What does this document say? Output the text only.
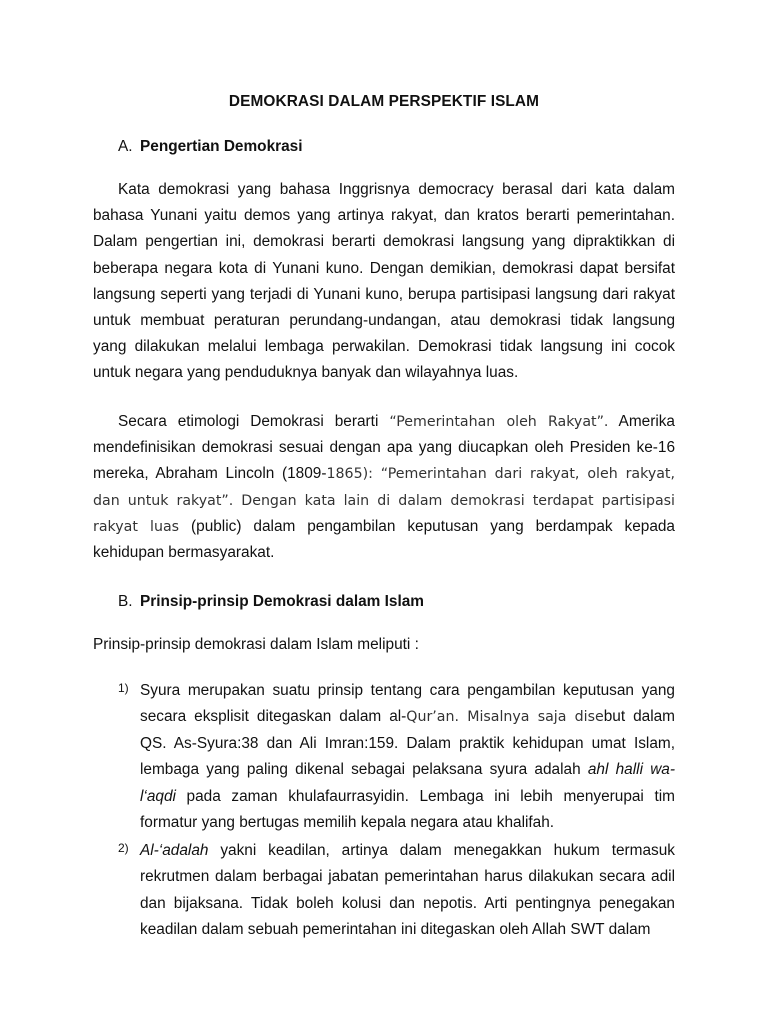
DEMOKRASI DALAM PERSPEKTIF ISLAM
A. Pengertian Demokrasi

Kata demokrasi yang bahasa Inggrisnya democracy berasal dari kata dalam bahasa Yunani yaitu demos yang artinya rakyat, dan kratos berarti pemerintahan. Dalam pengertian ini, demokrasi berarti demokrasi langsung yang dipraktikkan di beberapa negara kota di Yunani kuno. Dengan demikian, demokrasi dapat bersifat langsung seperti yang terjadi di Yunani kuno, berupa partisipasi langsung dari rakyat untuk membuat peraturan perundang-undangan, atau demokrasi tidak langsung yang dilakukan melalui lembaga perwakilan. Demokrasi tidak langsung ini cocok untuk negara yang penduduknya banyak dan wilayahnya luas.

Secara etimologi Demokrasi berarti “Pemerintahan oleh Rakyat”. Amerika mendefinisikan demokrasi sesuai dengan apa yang diucapkan oleh Presiden ke-16 mereka, Abraham Lincoln (1809-1865): “Pemerintahan dari rakyat, oleh rakyat, dan untuk rakyat”. Dengan kata lain di dalam demokrasi terdapat partisipasi rakyat luas (public) dalam pengambilan keputusan yang berdampak kepada kehidupan bermasyarakat.

B. Prinsip-prinsip Demokrasi dalam Islam

Prinsip-prinsip demokrasi dalam Islam meliputi :

1) Syura merupakan suatu prinsip tentang cara pengambilan keputusan yang secara eksplisit ditegaskan dalam al-Qur’an. Misalnya saja disebut dalam QS. As-Syura:38 dan Ali Imran:159. Dalam praktik kehidupan umat Islam, lembaga yang paling dikenal sebagai pelaksana syura adalah ahl halli wa-l‘aqdi pada zaman khulafaurrasyidin. Lembaga ini lebih menyerupai tim formatur yang bertugas memilih kepala negara atau khalifah.
2) Al-‘adalah yakni keadilan, artinya dalam menegakkan hukum termasuk rekrutmen dalam berbagai jabatan pemerintahan harus dilakukan secara adil dan bijaksana. Tidak boleh kolusi dan nepotis. Arti pentingnya penegakan keadilan dalam sebuah pemerintahan ini ditegaskan oleh Allah SWT dalam
